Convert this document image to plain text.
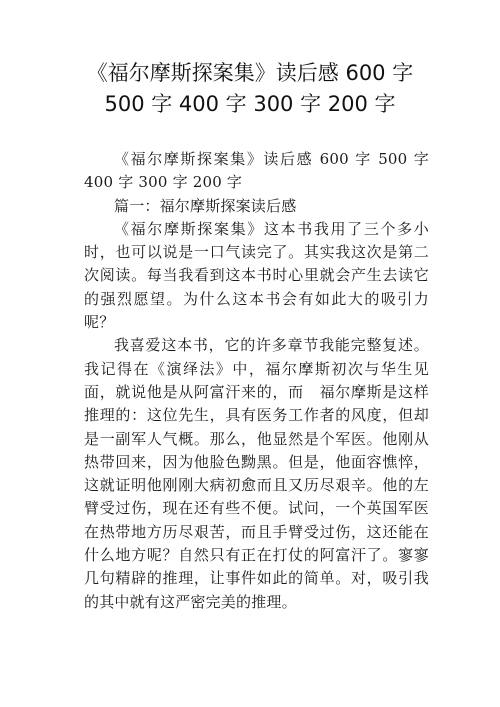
《福尔摩斯探案集》读后感 600 字
500 字 400 字 300 字 200 字

《福尔摩斯探案集》读后感 600 字 500 字 400 字 300 字 200 字

篇一：福尔摩斯探案读后感

《福尔摩斯探案集》这本书我用了三个多小时，也可以说是一口气读完了。其实我这次是第二次阅读。每当我看到这本书时心里就会产生去读它的强烈愿望。为什么这本书会有如此大的吸引力呢？

我喜爱这本书，它的许多章节我能完整复述。我记得在《演绎法》中，福尔摩斯初次与华生见面，就说他是从阿富汗来的，而　福尔摩斯是这样推理的：这位先生，具有医务工作者的风度，但却是一副军人气概。那么，他显然是个军医。他刚从热带回来，因为他脸色黝黑。但是，他面容憔悴，这就证明他刚刚大病初愈而且又历尽艰辛。他的左臂受过伤，现在还有些不便。试问，一个英国军医在热带地方历尽艰苦，而且手臂受过伤，这还能在什么地方呢？自然只有正在打仗的阿富汗了。寥寥几句精辟的推理，让事件如此的简单。对，吸引我的其中就有这严密完美的推理。
